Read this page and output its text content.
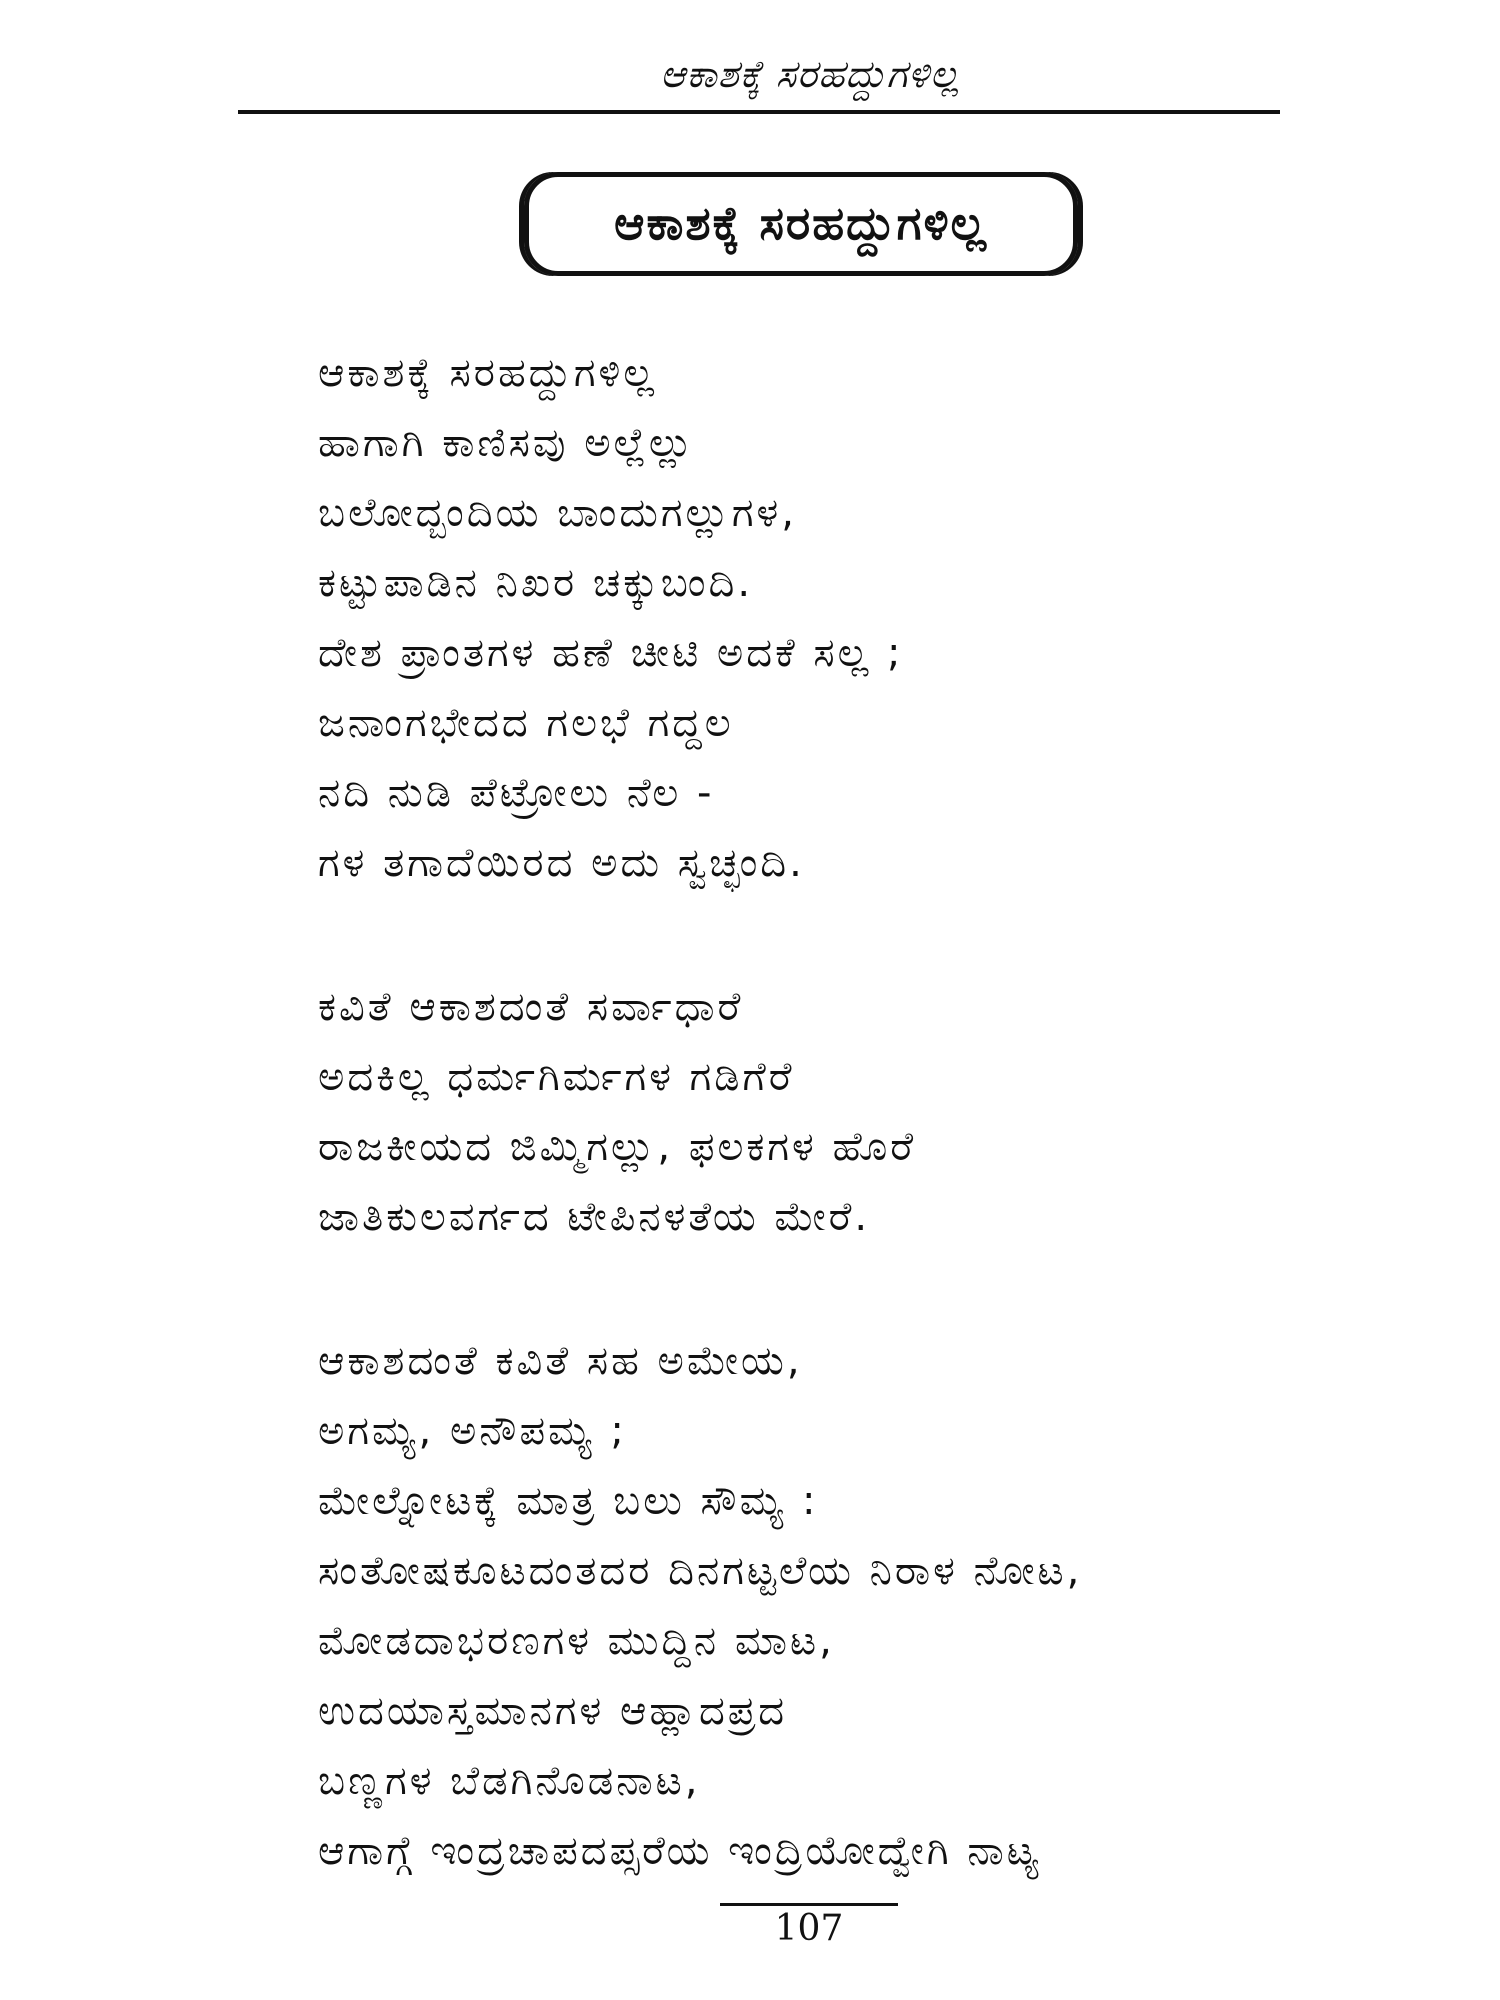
ಆಕಾಶಕ್ಕೆ ಸರಹದ್ದುಗಳಿಲ್ಲ
ಆಕಾಶಕ್ಕೆ ಸರಹದ್ದುಗಳಿಲ್ಲ
ಆಕಾಶಕ್ಕೆ ಸರಹದ್ದುಗಳಿಲ್ಲ
ಹಾಗಾಗಿ ಕಾಣಿಸವು ಅಲ್ಲೆಲ್ಲು
ಬಲೋದ್ಬಂದಿಯ ಬಾಂದುಗಲ್ಲುಗಳ,
ಕಟ್ಟುಪಾಡಿನ ನಿಖರ ಚಕ್ಕುಬಂದಿ.
ದೇಶ ಪ್ರಾಂತಗಳ ಹಣೆ ಚೀಟಿ ಅದಕೆ ಸಲ್ಲ ;
ಜನಾಂಗಭೇದದ ಗಲಭೆ ಗದ್ದಲ
ನದಿ ನುಡಿ ಪೆಟ್ರೋಲು ನೆಲ -
ಗಳ ತಗಾದೆಯಿರದ ಅದು ಸ್ವಚ್ಛಂದಿ.
ಕವಿತೆ ಆಕಾಶದಂತೆ ಸರ್ವಾಧಾರೆ
ಅದಕಿಲ್ಲ ಧರ್ಮಗಿರ್ಮಗಳ ಗಡಿಗೆರೆ
ರಾಜಕೀಯದ ಜಿಮ್ಮಿಗಲ್ಲು, ಫಲಕಗಳ ಹೊರೆ
ಜಾತಿಕುಲವರ್ಗದ ಟೇಪಿನಳತೆಯ ಮೇರೆ.
ಆಕಾಶದಂತೆ ಕವಿತೆ ಸಹ ಅಮೇಯ,
ಅಗಮ್ಯ, ಅನೌಪಮ್ಯ ;
ಮೇಲ್ನೋಟಕ್ಕೆ ಮಾತ್ರ ಬಲು ಸೌಮ್ಯ :
ಸಂತೋಷಕೂಟದಂತದರ ದಿನಗಟ್ಟಲೆಯ ನಿರಾಳ ನೋಟ,
ಮೋಡದಾಭರಣಗಳ ಮುದ್ದಿನ ಮಾಟ,
ಉದಯಾಸ್ತಮಾನಗಳ ಆಹ್ಲಾದಪ್ರದ
ಬಣ್ಣಗಳ ಬೆಡಗಿನೊಡನಾಟ,
ಆಗಾಗ್ಗೆ ಇಂದ್ರಚಾಪದಪ್ಸರೆಯ ಇಂದ್ರಿಯೋದ್ವೇಗಿ ನಾಟ್ಯ
107
